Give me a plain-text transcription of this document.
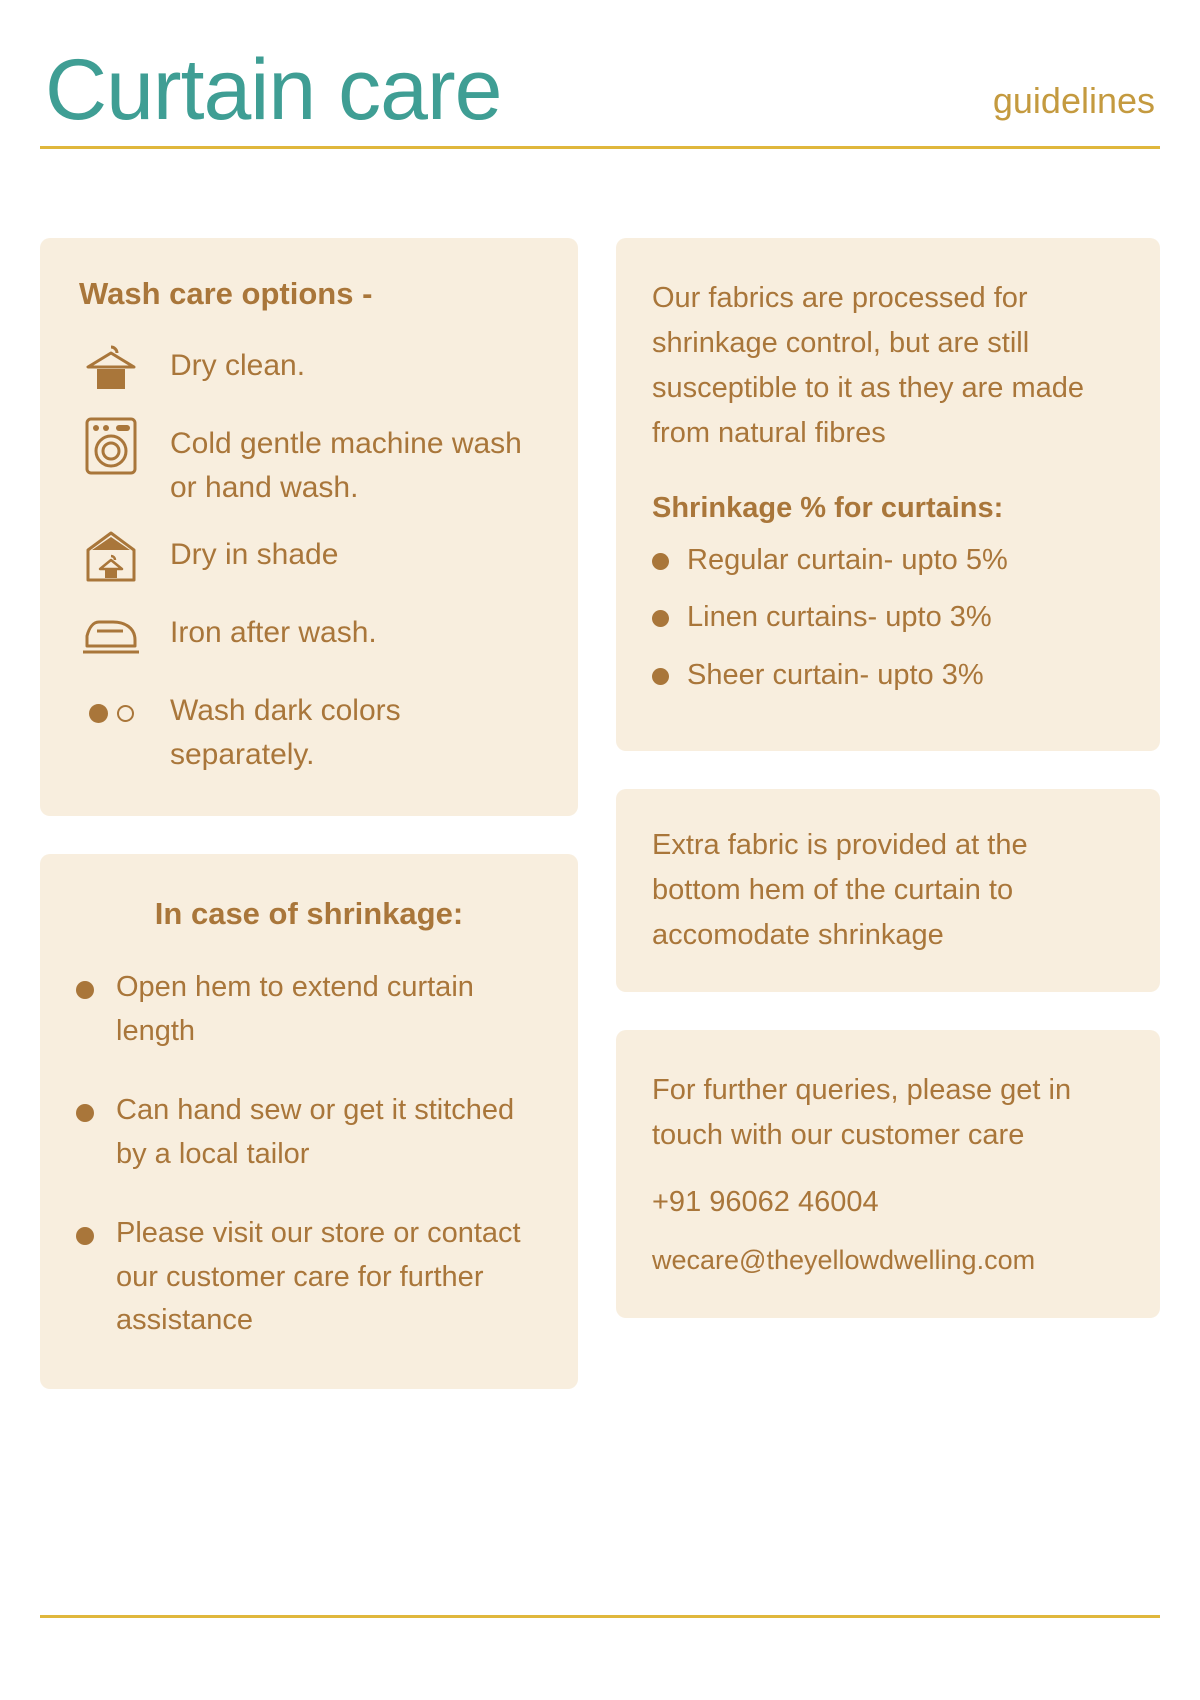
Curtain care	guidelines
Wash care options -
Dry clean.
Cold gentle machine wash or hand wash.
Dry in shade
Iron after wash.
Wash dark colors separately.
In case of shrinkage:
Open hem to extend curtain length
Can hand sew or get it stitched by a local tailor
Please visit our store or contact our customer care for further assistance
Our fabrics are processed for shrinkage control, but are still susceptible to it as they are made from natural fibres
Shrinkage % for curtains:
Regular curtain- upto 5%
Linen curtains- upto 3%
Sheer curtain- upto 3%
Extra fabric is provided at the bottom hem of the curtain to accomodate shrinkage
For further queries, please get in touch with our customer care
+91 96062 46004
wecare@theyellowdwelling.com
